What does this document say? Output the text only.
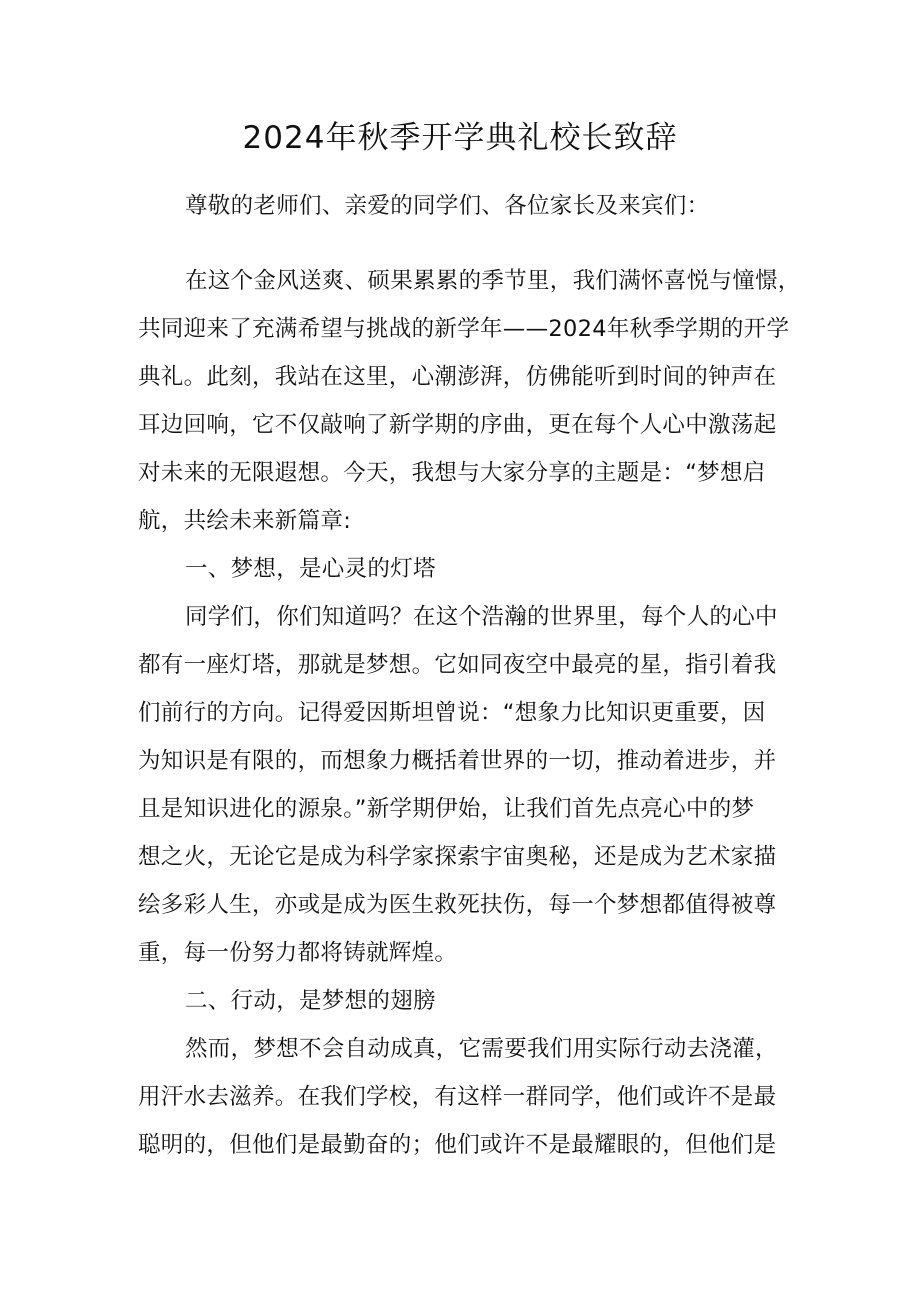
2024年秋季开学典礼校长致辞
尊敬的老师们、亲爱的同学们、各位家长及来宾们：
在这个金风送爽、硕果累累的季节里，我们满怀喜悦与憧憬，
共同迎来了充满希望与挑战的新学年——2024年秋季学期的开学
典礼。此刻，我站在这里，心潮澎湃，仿佛能听到时间的钟声在
耳边回响，它不仅敲响了新学期的序曲，更在每个人心中激荡起
对未来的无限遐想。今天，我想与大家分享的主题是：“梦想启
航，共绘未来新篇章:
一、梦想，是心灵的灯塔
同学们，你们知道吗？在这个浩瀚的世界里，每个人的心中
都有一座灯塔，那就是梦想。它如同夜空中最亮的星，指引着我
们前行的方向。记得爱因斯坦曾说：“想象力比知识更重要，因
为知识是有限的，而想象力概括着世界的一切，推动着进步，并
且是知识进化的源泉。”新学期伊始，让我们首先点亮心中的梦
想之火，无论它是成为科学家探索宇宙奥秘，还是成为艺术家描
绘多彩人生，亦或是成为医生救死扶伤，每一个梦想都值得被尊
重，每一份努力都将铸就辉煌。
二、行动，是梦想的翅膀
然而，梦想不会自动成真，它需要我们用实际行动去浇灌，
用汗水去滋养。在我们学校，有这样一群同学，他们或许不是最
聪明的，但他们是最勤奋的；他们或许不是最耀眼的，但他们是
